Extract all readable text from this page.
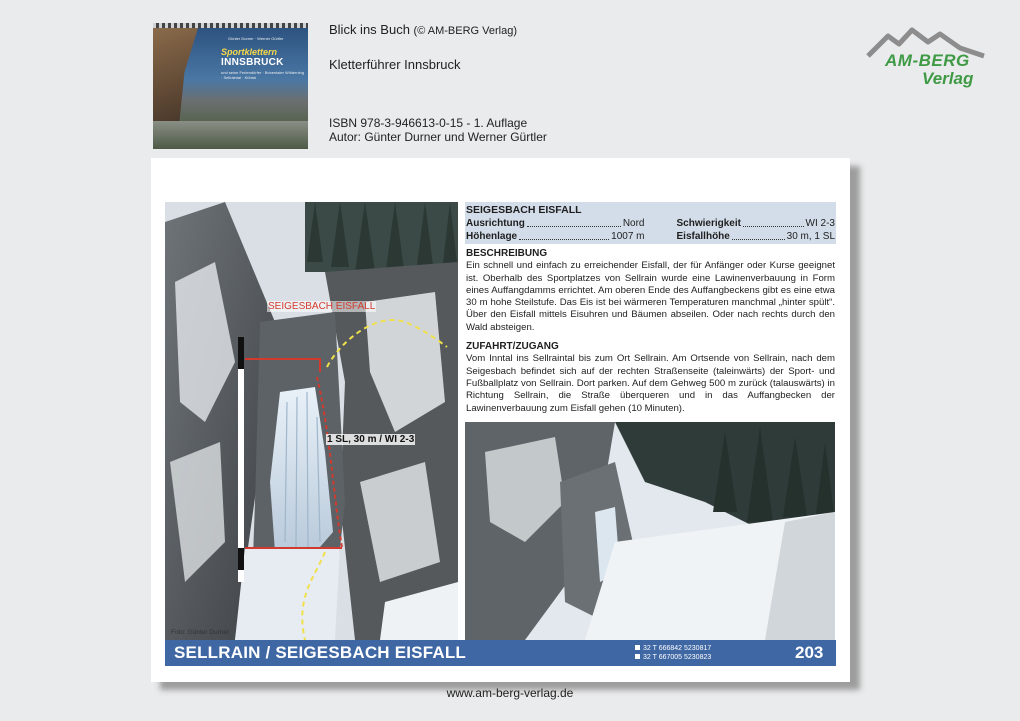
Günter Durner · Werner Gürtler
Sportklettern
INNSBRUCK
und seine Feriendörfer · Brixentaler Wilderning · Sellraintal · Kühtai
Blick ins Buch (© AM-BERG Verlag)
Kletterführer Innsbruck
ISBN 978-3-946613-0-15 - 1. Auflage
Autor: Günter Durner und Werner Gürtler
AM-BERG
Verlag
SEIGESBACH EISFALL
1 SL, 30 m / WI 2-3
Foto: Günter Durner
SEIGESBACH EISFALL
Ausrichtung	Nord	Schwierigkeit	WI 2-3
Höhenlage	1007 m	Eisfallhöhe	30 m, 1 SL
BESCHREIBUNG

Ein schnell und einfach zu erreichender Eisfall, der für Anfänger oder Kurse geeignet ist. Oberhalb des Sportplatzes von Sellrain wurde eine Lawinenverbauung in Form eines Auffangdamms errichtet. Am oberen Ende des Auffangbeckens gibt es eine etwa 30 m hohe Steilstufe. Das Eis ist bei wärmeren Temperaturen manchmal „hinter spült“. Über den Eisfall mittels Eisuhren und Bäumen abseilen. Oder nach rechts durch den Wald absteigen.

ZUFAHRT/ZUGANG

Vom Inntal ins Sellraintal bis zum Ort Sellrain. Am Ortsende von Sellrain, nach dem Seigesbach befindet sich auf der rechten Straßenseite (taleinwärts) der Sport- und Fußballplatz von Sellrain. Dort parken. Auf dem Gehweg 500 m zurück (talauswärts) in Richtung Sellrain, die Straße überqueren und in das Auffangbecken der Lawinenverbauung zum Eisfall gehen (10 Minuten).

SELLRAIN / SEIGESBACH EISFALL	32 T 666842 5230817
32 T 667005 5230823	203
www.am-berg-verlag.de
